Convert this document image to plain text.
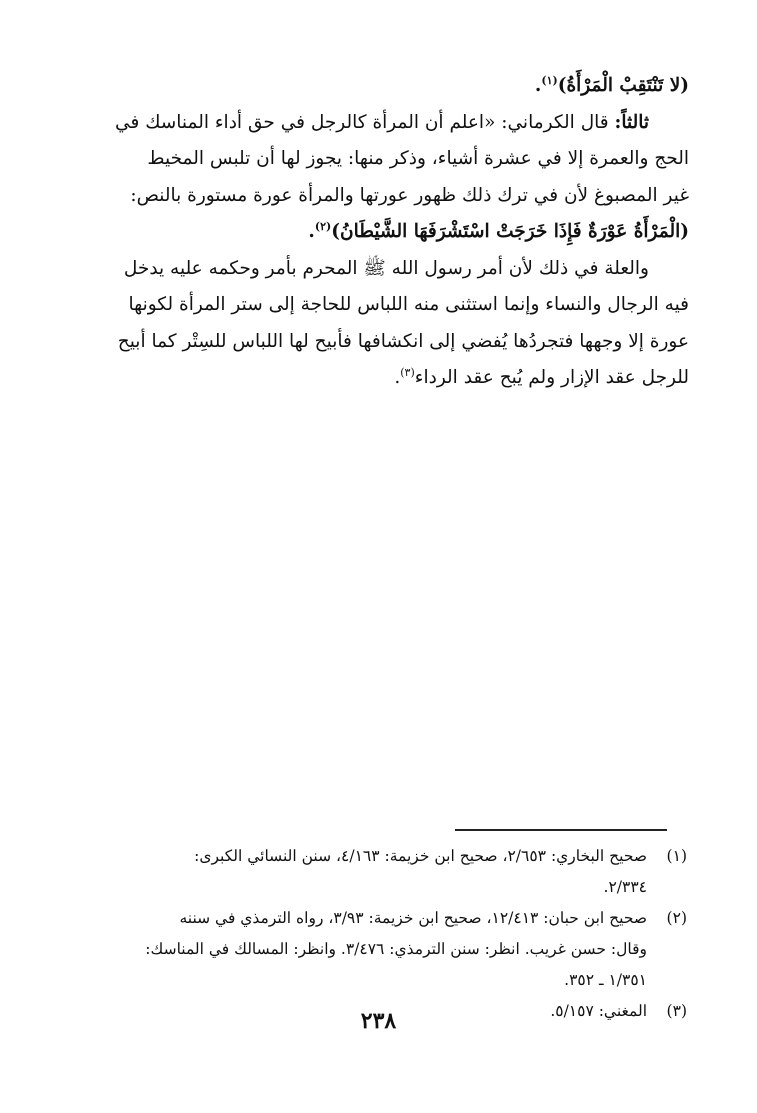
(لا تَنْتَقِبْ الْمَرْأَةُ)$^{(١)}$.
ثالثاً: قال الكرماني: «اعلم أن المرأة كالرجل في حق أداء المناسك في
الحج والعمرة إلا في عشرة أشياء، وذكر منها: يجوز لها أن تلبس المخيط
غير المصبوغ لأن في ترك ذلك ظهور عورتها والمرأة عورة مستورة بالنص:
(الْمَرْأَةُ عَوْرَةٌ فَإِذَا خَرَجَتْ اسْتَشْرَفَهَا الشَّيْطَانُ)$^{(٢)}$.
والعلة في ذلك لأن أمر رسول الله ﷺ المحرم بأمر وحكمه عليه يدخل
فيه الرجال والنساء وإنما استثنى منه اللباس للحاجة إلى ستر المرأة لكونها
عورة إلا وجهها فتجردُها يُفضي إلى انكشافها فأبيح لها اللباس للسِتْر كما أبيح
للرجل عقد الإزار ولم يُبح عقد الرداء$^{(٣)}$.
(١)
صحيح البخاري: ٢/٦٥٣، صحيح ابن خزيمة: ٤/١٦٣، سنن النسائي الكبرى:
٢/٣٣٤.
(٢)
صحيح ابن حبان: ١٢/٤١٣، صحيح ابن خزيمة: ٣/٩٣، رواه الترمذي في سننه
وقال: حسن غريب. انظر: سنن الترمذي: ٣/٤٧٦. وانظر: المسالك في المناسك:
١/٣٥١ ـ ٣٥٢.
(٣)
المغني: ٥/١٥٧.
٢٣٨
